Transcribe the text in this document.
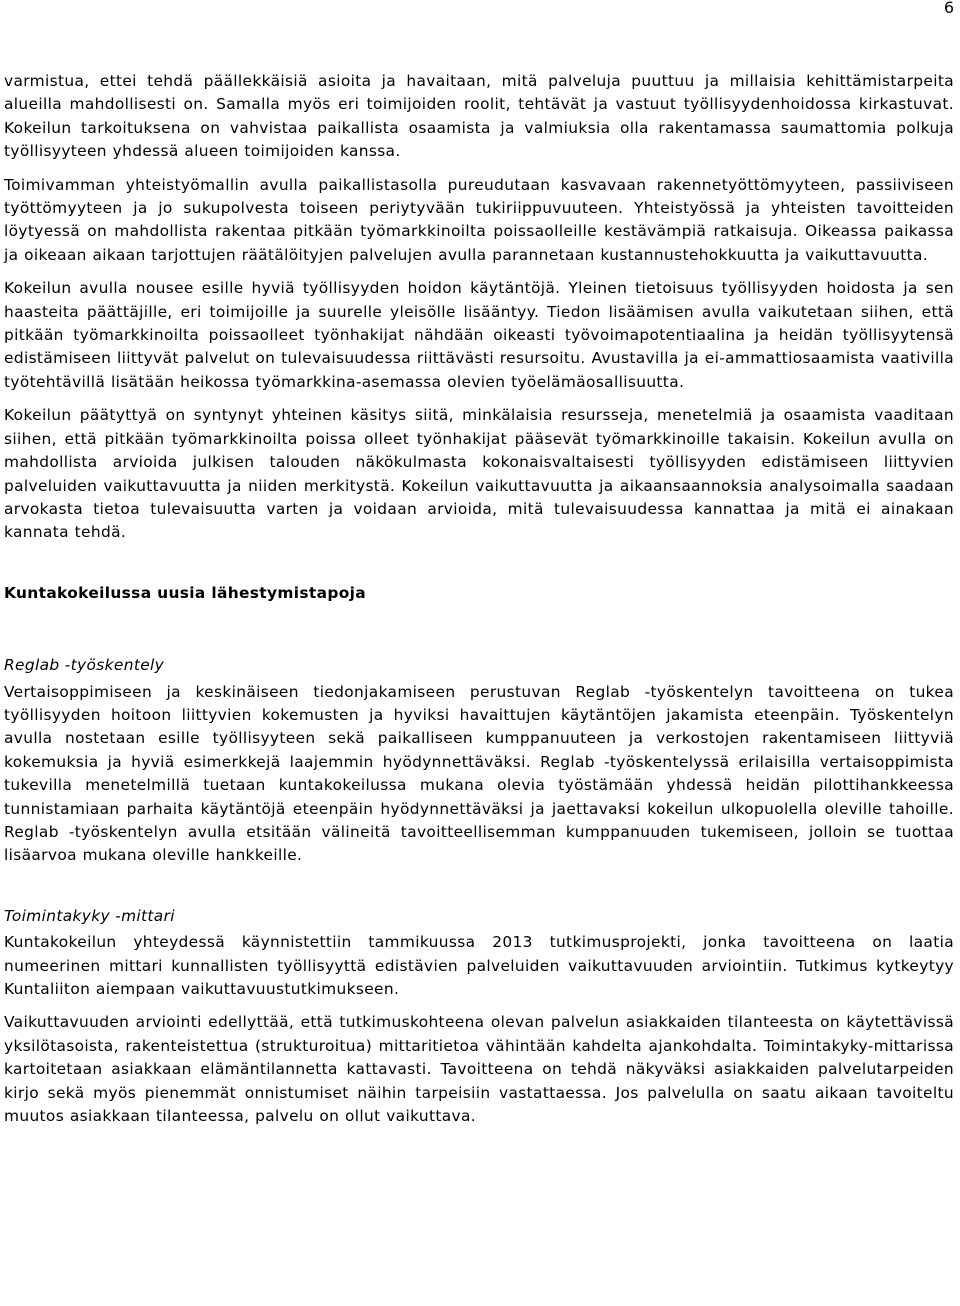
6

varmistua, ettei tehdä päällekkäisiä asioita ja havaitaan, mitä palveluja puuttuu ja millaisia kehittämistarpeita alueilla mahdollisesti on. Samalla myös eri toimijoiden roolit, tehtävät ja vastuut työllisyydenhoidossa kirkastuvat. Kokeilun tarkoituksena on vahvistaa paikallista osaamista ja valmiuksia olla rakentamassa saumattomia polkuja työllisyyteen yhdessä alueen toimijoiden kanssa.

Toimivamman yhteistyömallin avulla paikallistasolla pureudutaan kasvavaan rakennetyöttömyyteen, passiiviseen työttömyyteen ja jo sukupolvesta toiseen periytyvään tukiriippuvuuteen. Yhteistyössä ja yhteisten tavoitteiden löytyessä on mahdollista rakentaa pitkään työmarkkinoilta poissaolleille kestävämpiä ratkaisuja. Oikeassa paikassa ja oikeaan aikaan tarjottujen räätälöityjen palvelujen avulla parannetaan kustannustehokkuutta ja vaikuttavuutta.

Kokeilun avulla nousee esille hyviä työllisyyden hoidon käytäntöjä. Yleinen tietoisuus työllisyyden hoidosta ja sen haasteita päättäjille, eri toimijoille ja suurelle yleisölle lisääntyy. Tiedon lisäämisen avulla vaikutetaan siihen, että pitkään työmarkkinoilta poissaolleet työnhakijat nähdään oikeasti työvoimapotentiaalina ja heidän työllisyytensä edistämiseen liittyvät palvelut on tulevaisuudessa riittävästi resursoitu. Avustavilla ja ei-ammattiosaamista vaativilla työtehtävillä lisätään heikossa työmarkkina-asemassa olevien työelämäosallisuutta.

Kokeilun päätyttyä on syntynyt yhteinen käsitys siitä, minkälaisia resursseja, menetelmiä ja osaamista vaaditaan siihen, että pitkään työmarkkinoilta poissa olleet työnhakijat pääsevät työmarkkinoille takaisin. Kokeilun avulla on mahdollista arvioida julkisen talouden näkökulmasta kokonaisvaltaisesti työllisyyden edistämiseen liittyvien palveluiden vaikuttavuutta ja niiden merkitystä. Kokeilun vaikuttavuutta ja aikaansaannoksia analysoimalla saadaan arvokasta tietoa tulevaisuutta varten ja voidaan arvioida, mitä tulevaisuudessa kannattaa ja mitä ei ainakaan kannata tehdä.

Kuntakokeilussa uusia lähestymistapoja
Reglab -työskentely

Vertaisoppimiseen ja keskinäiseen tiedonjakamiseen perustuvan Reglab -työskentelyn tavoitteena on tukea työllisyyden hoitoon liittyvien kokemusten ja hyviksi havaittujen käytäntöjen jakamista eteenpäin. Työskentelyn avulla nostetaan esille työllisyyteen sekä paikalliseen kumppanuuteen ja verkostojen rakentamiseen liittyviä kokemuksia ja hyviä esimerkkejä laajemmin hyödynnettäväksi. Reglab -työskentelyssä erilaisilla vertaisoppimista tukevilla menetelmillä tuetaan kuntakokeilussa mukana olevia työstämään yhdessä heidän pilottihankkeessa tunnistamiaan parhaita käytäntöjä eteenpäin hyödynnettäväksi ja jaettavaksi kokeilun ulkopuolella oleville tahoille. Reglab -työskentelyn avulla etsitään välineitä tavoitteellisemman kumppanuuden tukemiseen, jolloin se tuottaa lisäarvoa mukana oleville hankkeille.

Toimintakyky -mittari

Kuntakokeilun yhteydessä käynnistettiin tammikuussa 2013 tutkimusprojekti, jonka tavoitteena on laatia numeerinen mittari kunnallisten työllisyyttä edistävien palveluiden vaikuttavuuden arviointiin. Tutkimus kytkeytyy Kuntaliiton aiempaan vaikuttavuustutkimukseen.

Vaikuttavuuden arviointi edellyttää, että tutkimuskohteena olevan palvelun asiakkaiden tilanteesta on käytettävissä yksilötasoista, rakenteistettua (strukturoitua) mittaritietoa vähintään kahdelta ajankohdalta. Toimintakyky-mittarissa kartoitetaan asiakkaan elämäntilannetta kattavasti. Tavoitteena on tehdä näkyväksi asiakkaiden palvelutarpeiden kirjo sekä myös pienemmät onnistumiset näihin tarpeisiin vastattaessa. Jos palvelulla on saatu aikaan tavoiteltu muutos asiakkaan tilanteessa, palvelu on ollut vaikuttava.
